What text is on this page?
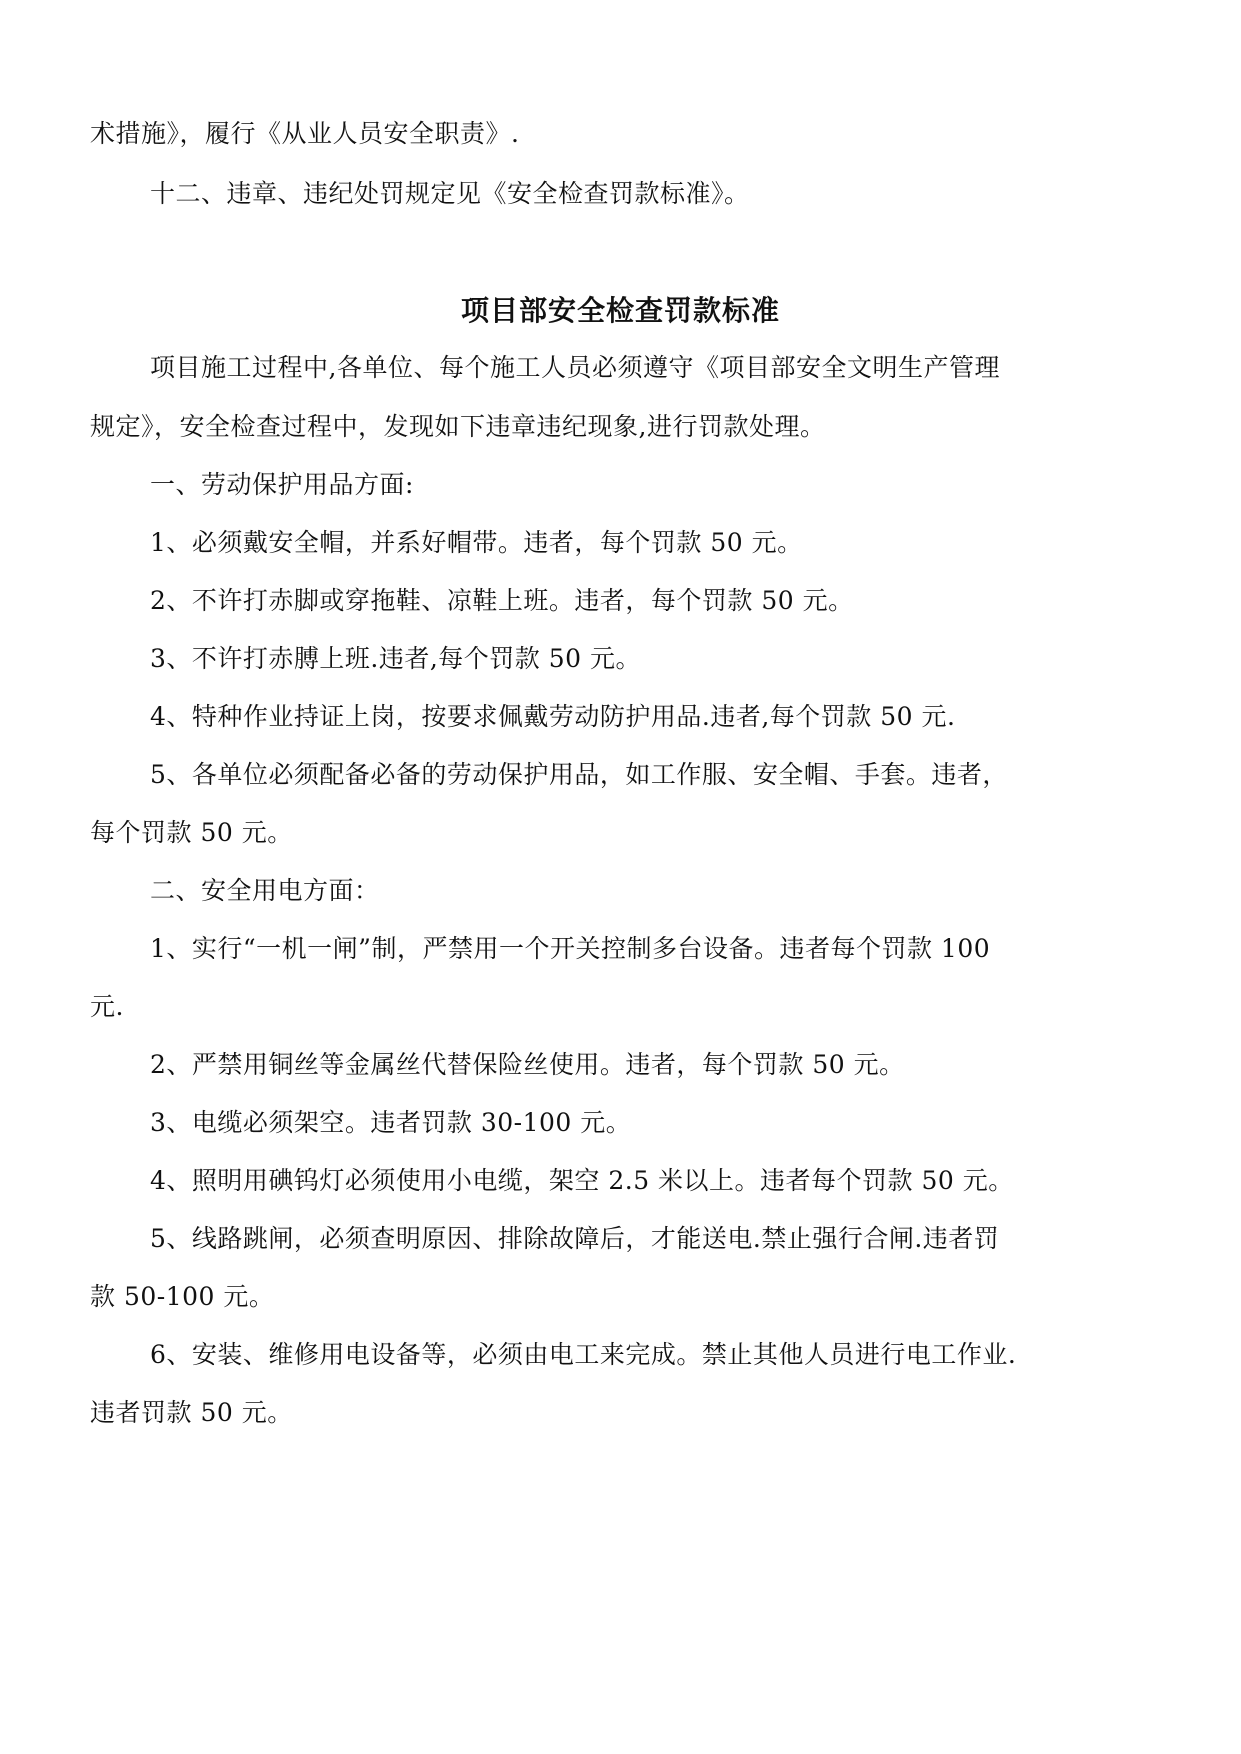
术措施》，履行《从业人员安全职责》.
十二、违章、违纪处罚规定见《安全检查罚款标准》。
项目部安全检查罚款标准
项目施工过程中,各单位、每个施工人员必须遵守《项目部安全文明生产管理
规定》，安全检查过程中，发现如下违章违纪现象,进行罚款处理。
一、劳动保护用品方面:
1、必须戴安全帽，并系好帽带。违者，每个罚款 50 元。
2、不许打赤脚或穿拖鞋、凉鞋上班。违者，每个罚款 50 元。
3、不许打赤膊上班.违者,每个罚款 50 元。
4、特种作业持证上岗，按要求佩戴劳动防护用品.违者,每个罚款 50 元.
5、各单位必须配备必备的劳动保护用品，如工作服、安全帽、手套。违者，
每个罚款 50 元。
二、安全用电方面：
1、实行“一机一闸”制，严禁用一个开关控制多台设备。违者每个罚款 100
元.
2、严禁用铜丝等金属丝代替保险丝使用。违者，每个罚款 50 元。
3、电缆必须架空。违者罚款 30-100 元。
4、照明用碘钨灯必须使用小电缆，架空 2.5 米以上。违者每个罚款 50 元。
5、线路跳闸，必须查明原因、排除故障后，才能送电.禁止强行合闸.违者罚
款 50-100 元。
6、安装、维修用电设备等，必须由电工来完成。禁止其他人员进行电工作业.
违者罚款 50 元。
